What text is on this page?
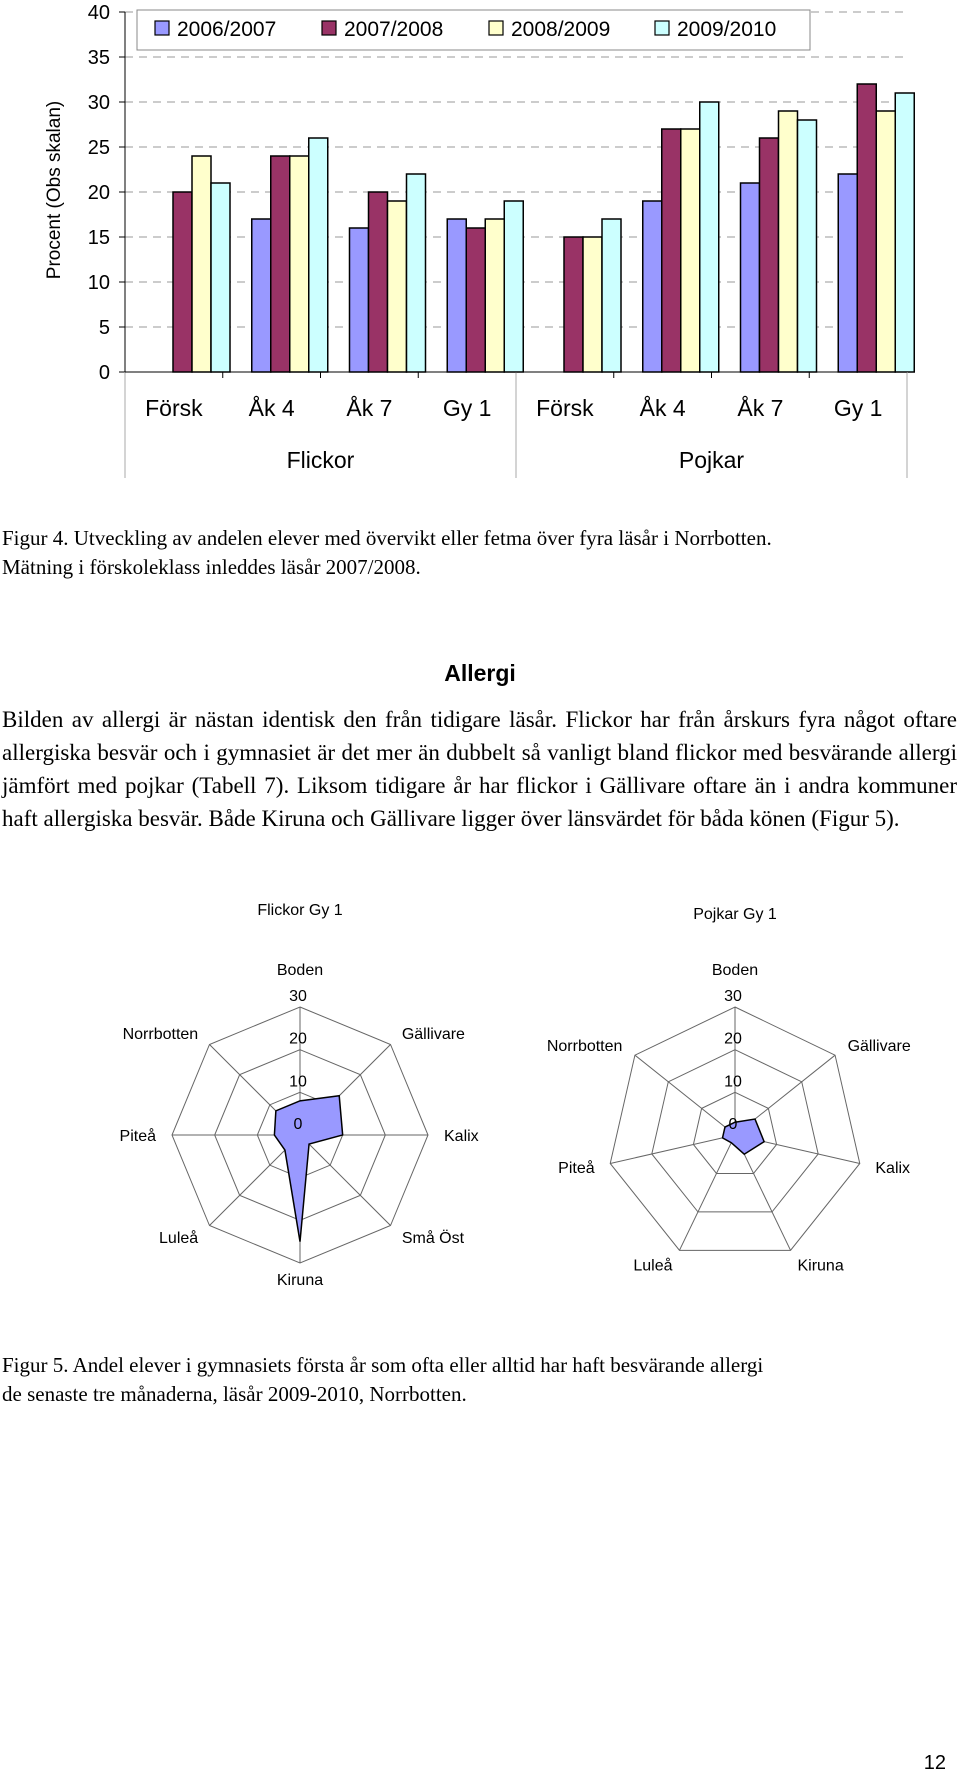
Procent (Obs skalan)
0
5
10
15
20
25
30
35
40
Försk Åk 4 Åk 7 Gy 1 Försk Åk 4 Åk 7 Gy 1
Flickor	Pojkar
2006/2007	2007/2008	2008/2009	2009/2010
Figur 4. Utveckling av andelen elever med övervikt eller fetma över fyra läsår i Norrbotten.
Mätning i förskoleklass inleddes läsår 2007/2008.
Allergi
Bilden av allergi är nästan identisk den från tidigare läsår. Flickor har från årskurs fyra något oftare allergiska besvär och i gymnasiet är det mer än dubbelt så vanligt bland flickor med besvärande allergi jämfört med pojkar (Tabell 7). Liksom tidigare år har flickor i Gällivare oftare än i andra kommuner haft allergiska besvär. Både Kiruna och Gällivare ligger över länsvärdet för båda könen (Figur 5).
Flickor Gy 1
0
10
20
30
Boden
Gällivare
Kalix
Små Öst
Kiruna
Luleå
Piteå
Norrbotten
Pojkar Gy 1
0
10
20
30
Boden
Gällivare
Kalix
Kiruna
Luleå
Piteå
Norrbotten
Figur 5. Andel elever i gymnasiets första år som ofta eller alltid har haft besvärande allergi
de senaste tre månaderna, läsår 2009-2010, Norrbotten.
12
